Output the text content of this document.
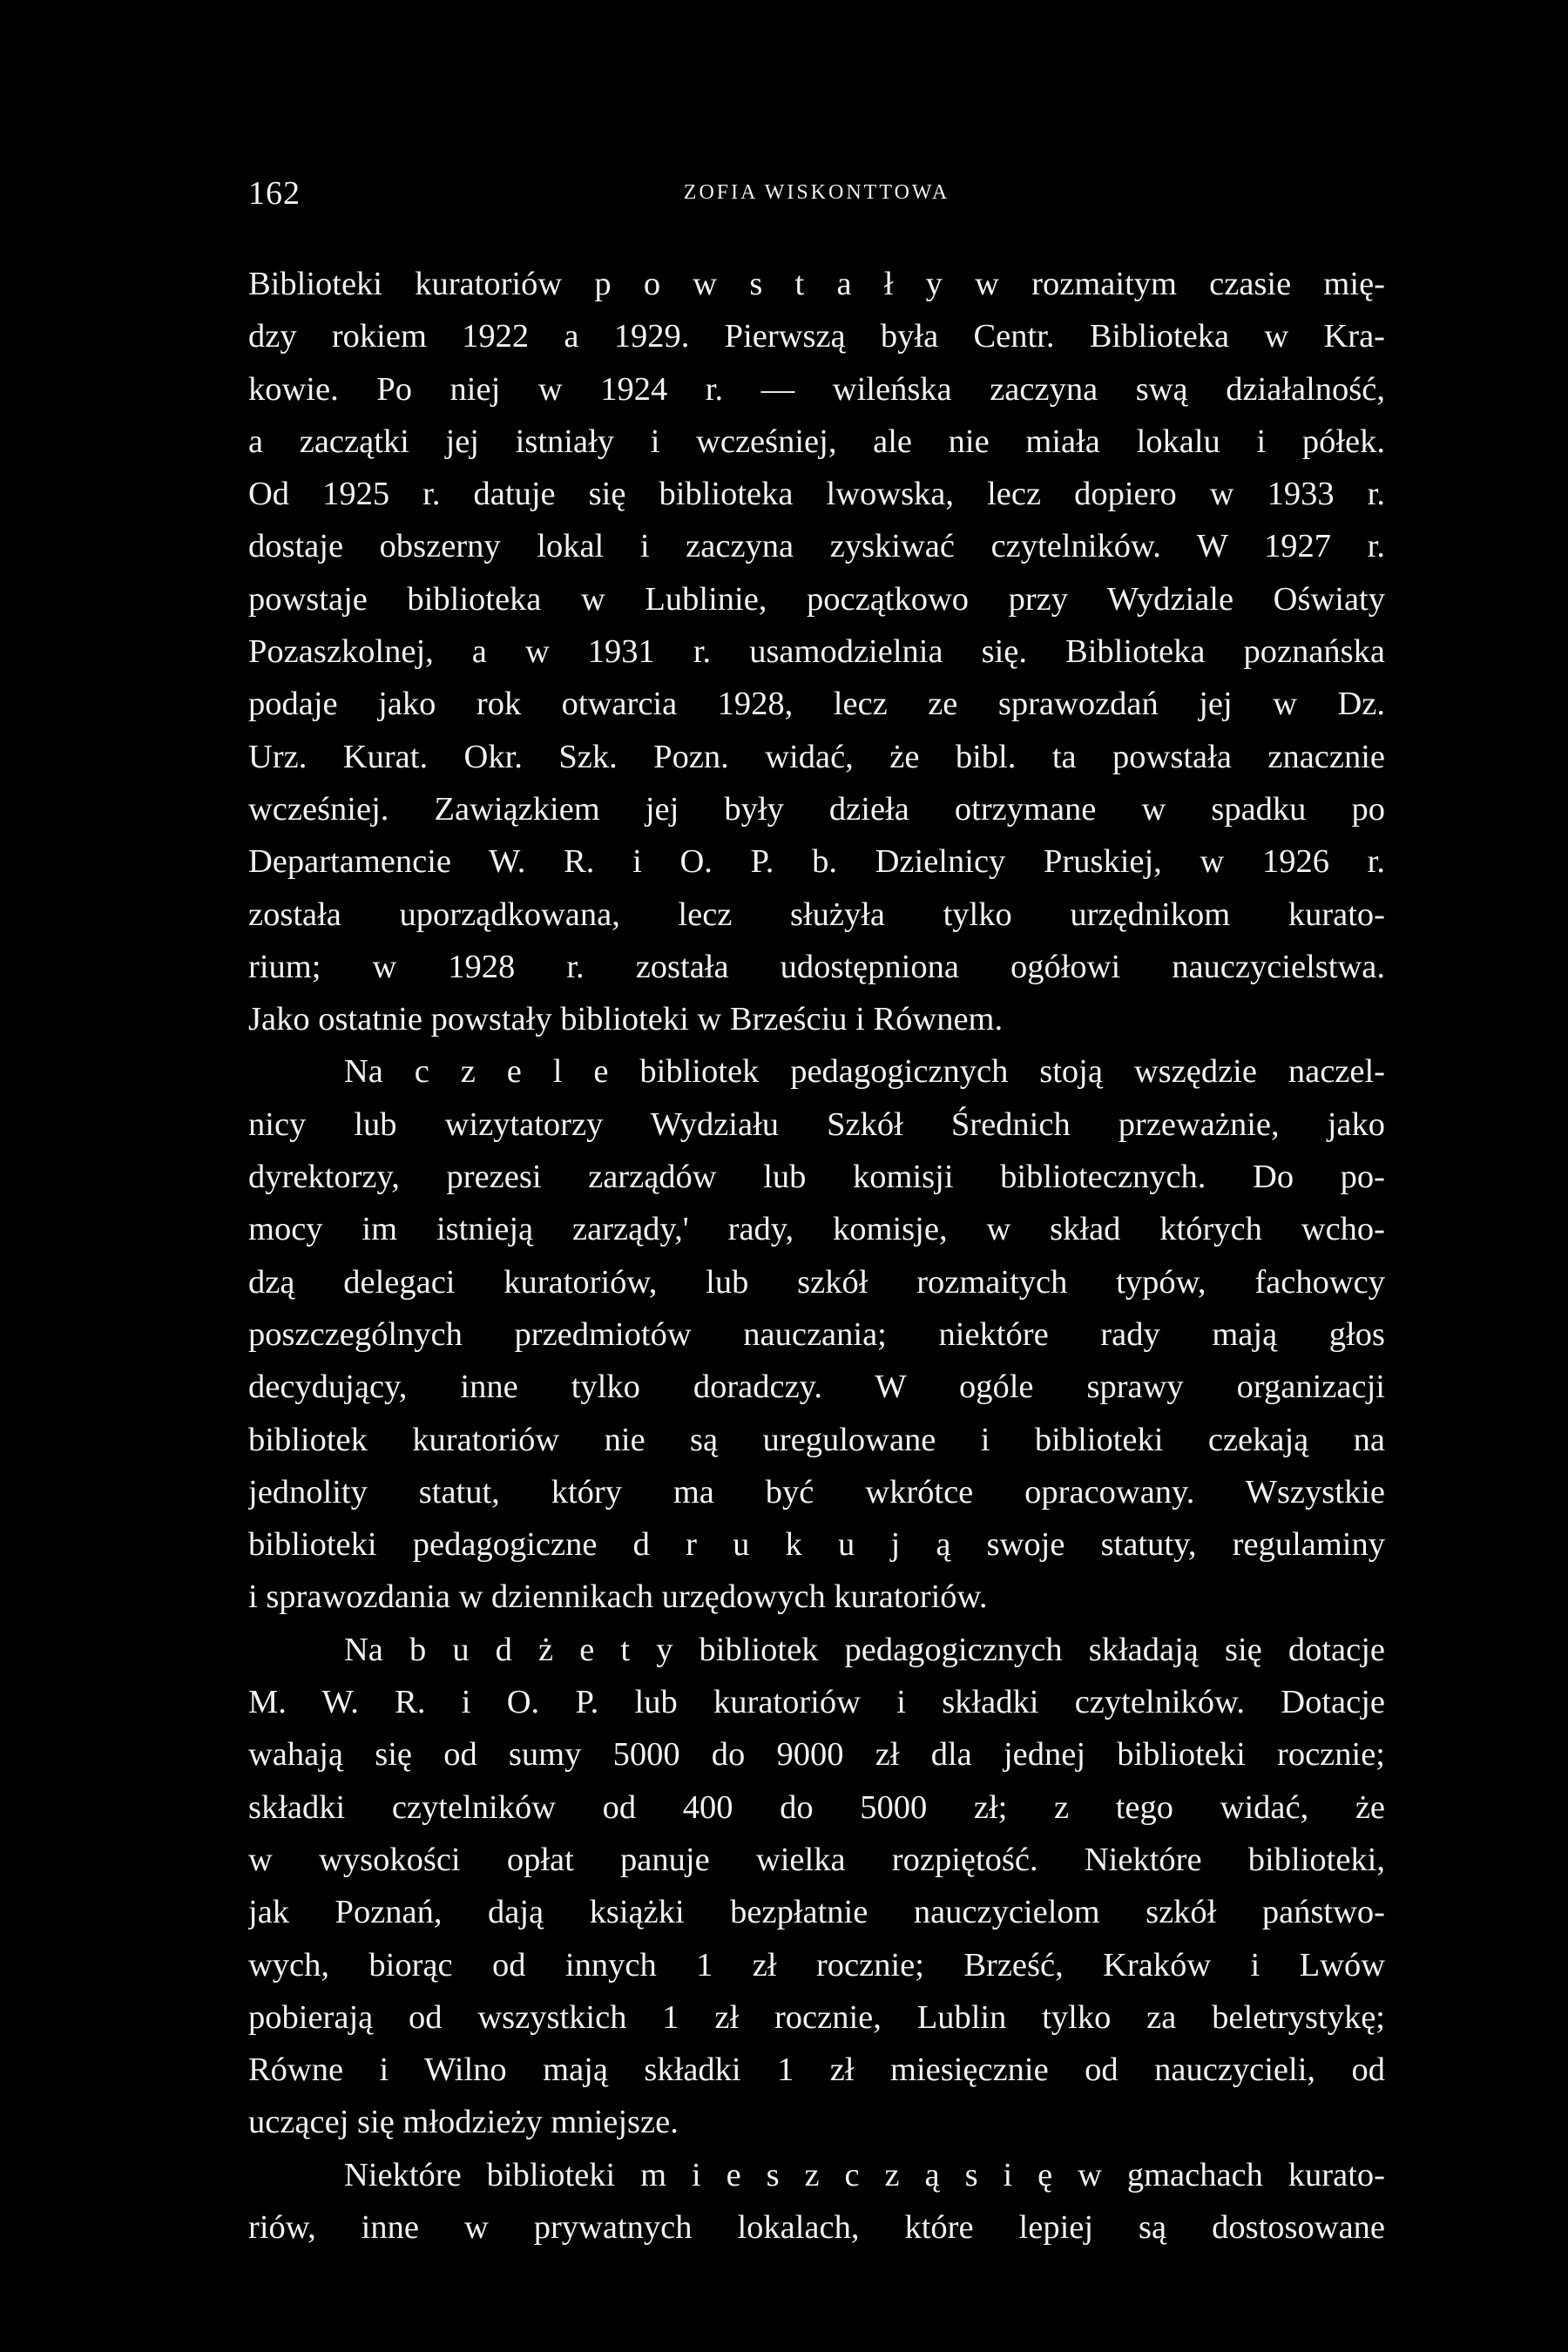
162	ZOFIA WISKONTTOWA
Biblioteki kuratoriów p o w s t a ł y w rozmaitym czasie mię-
dzy rokiem 1922 a 1929. Pierwszą była Centr. Biblioteka w Kra-
kowie. Po niej w 1924 r. — wileńska zaczyna swą działalność,
a zaczątki jej istniały i wcześniej, ale nie miała lokalu i półek.
Od 1925 r. datuje się biblioteka lwowska, lecz dopiero w 1933 r.
dostaje obszerny lokal i zaczyna zyskiwać czytelników. W 1927 r.
powstaje biblioteka w Lublinie, początkowo przy Wydziale Oświaty
Pozaszkolnej, a w 1931 r. usamodzielnia się. Biblioteka poznańska
podaje jako rok otwarcia 1928, lecz ze sprawozdań jej w Dz.
Urz. Kurat. Okr. Szk. Pozn. widać, że bibl. ta powstała znacznie
wcześniej. Zawiązkiem jej były dzieła otrzymane w spadku po
Departamencie W. R. i O. P. b. Dzielnicy Pruskiej, w 1926 r.
została uporządkowana, lecz służyła tylko urzędnikom kurato-
rium; w 1928 r. została udostępniona ogółowi nauczycielstwa.
Jako ostatnie powstały biblioteki w Brześciu i Równem.
Na c z e l e bibliotek pedagogicznych stoją wszędzie naczel-
nicy lub wizytatorzy Wydziału Szkół Średnich przeważnie, jako
dyrektorzy, prezesi zarządów lub komisji bibliotecznych. Do po-
mocy im istnieją zarządy,' rady, komisje, w skład których wcho-
dzą delegaci kuratoriów, lub szkół rozmaitych typów, fachowcy
poszczególnych przedmiotów nauczania; niektóre rady mają głos
decydujący, inne tylko doradczy. W ogóle sprawy organizacji
bibliotek kuratoriów nie są uregulowane i biblioteki czekają na
jednolity statut, który ma być wkrótce opracowany. Wszystkie
biblioteki pedagogiczne d r u k u j ą swoje statuty, regulaminy
i sprawozdania w dziennikach urzędowych kuratoriów.
Na b u d ż e t y bibliotek pedagogicznych składają się dotacje
M. W. R. i O. P. lub kuratoriów i składki czytelników. Dotacje
wahają się od sumy 5000 do 9000 zł dla jednej biblioteki rocznie;
składki czytelników od 400 do 5000 zł; z tego widać, że
w wysokości opłat panuje wielka rozpiętość. Niektóre biblioteki,
jak Poznań, dają książki bezpłatnie nauczycielom szkół państwo-
wych, biorąc od innych 1 zł rocznie; Brześć, Kraków i Lwów
pobierają od wszystkich 1 zł rocznie, Lublin tylko za beletrystykę;
Równe i Wilno mają składki 1 zł miesięcznie od nauczycieli, od
uczącej się młodzieży mniejsze.
Niektóre biblioteki m i e s z c z ą s i ę w gmachach kurato-
riów, inne w prywatnych lokalach, które lepiej są dostosowane
